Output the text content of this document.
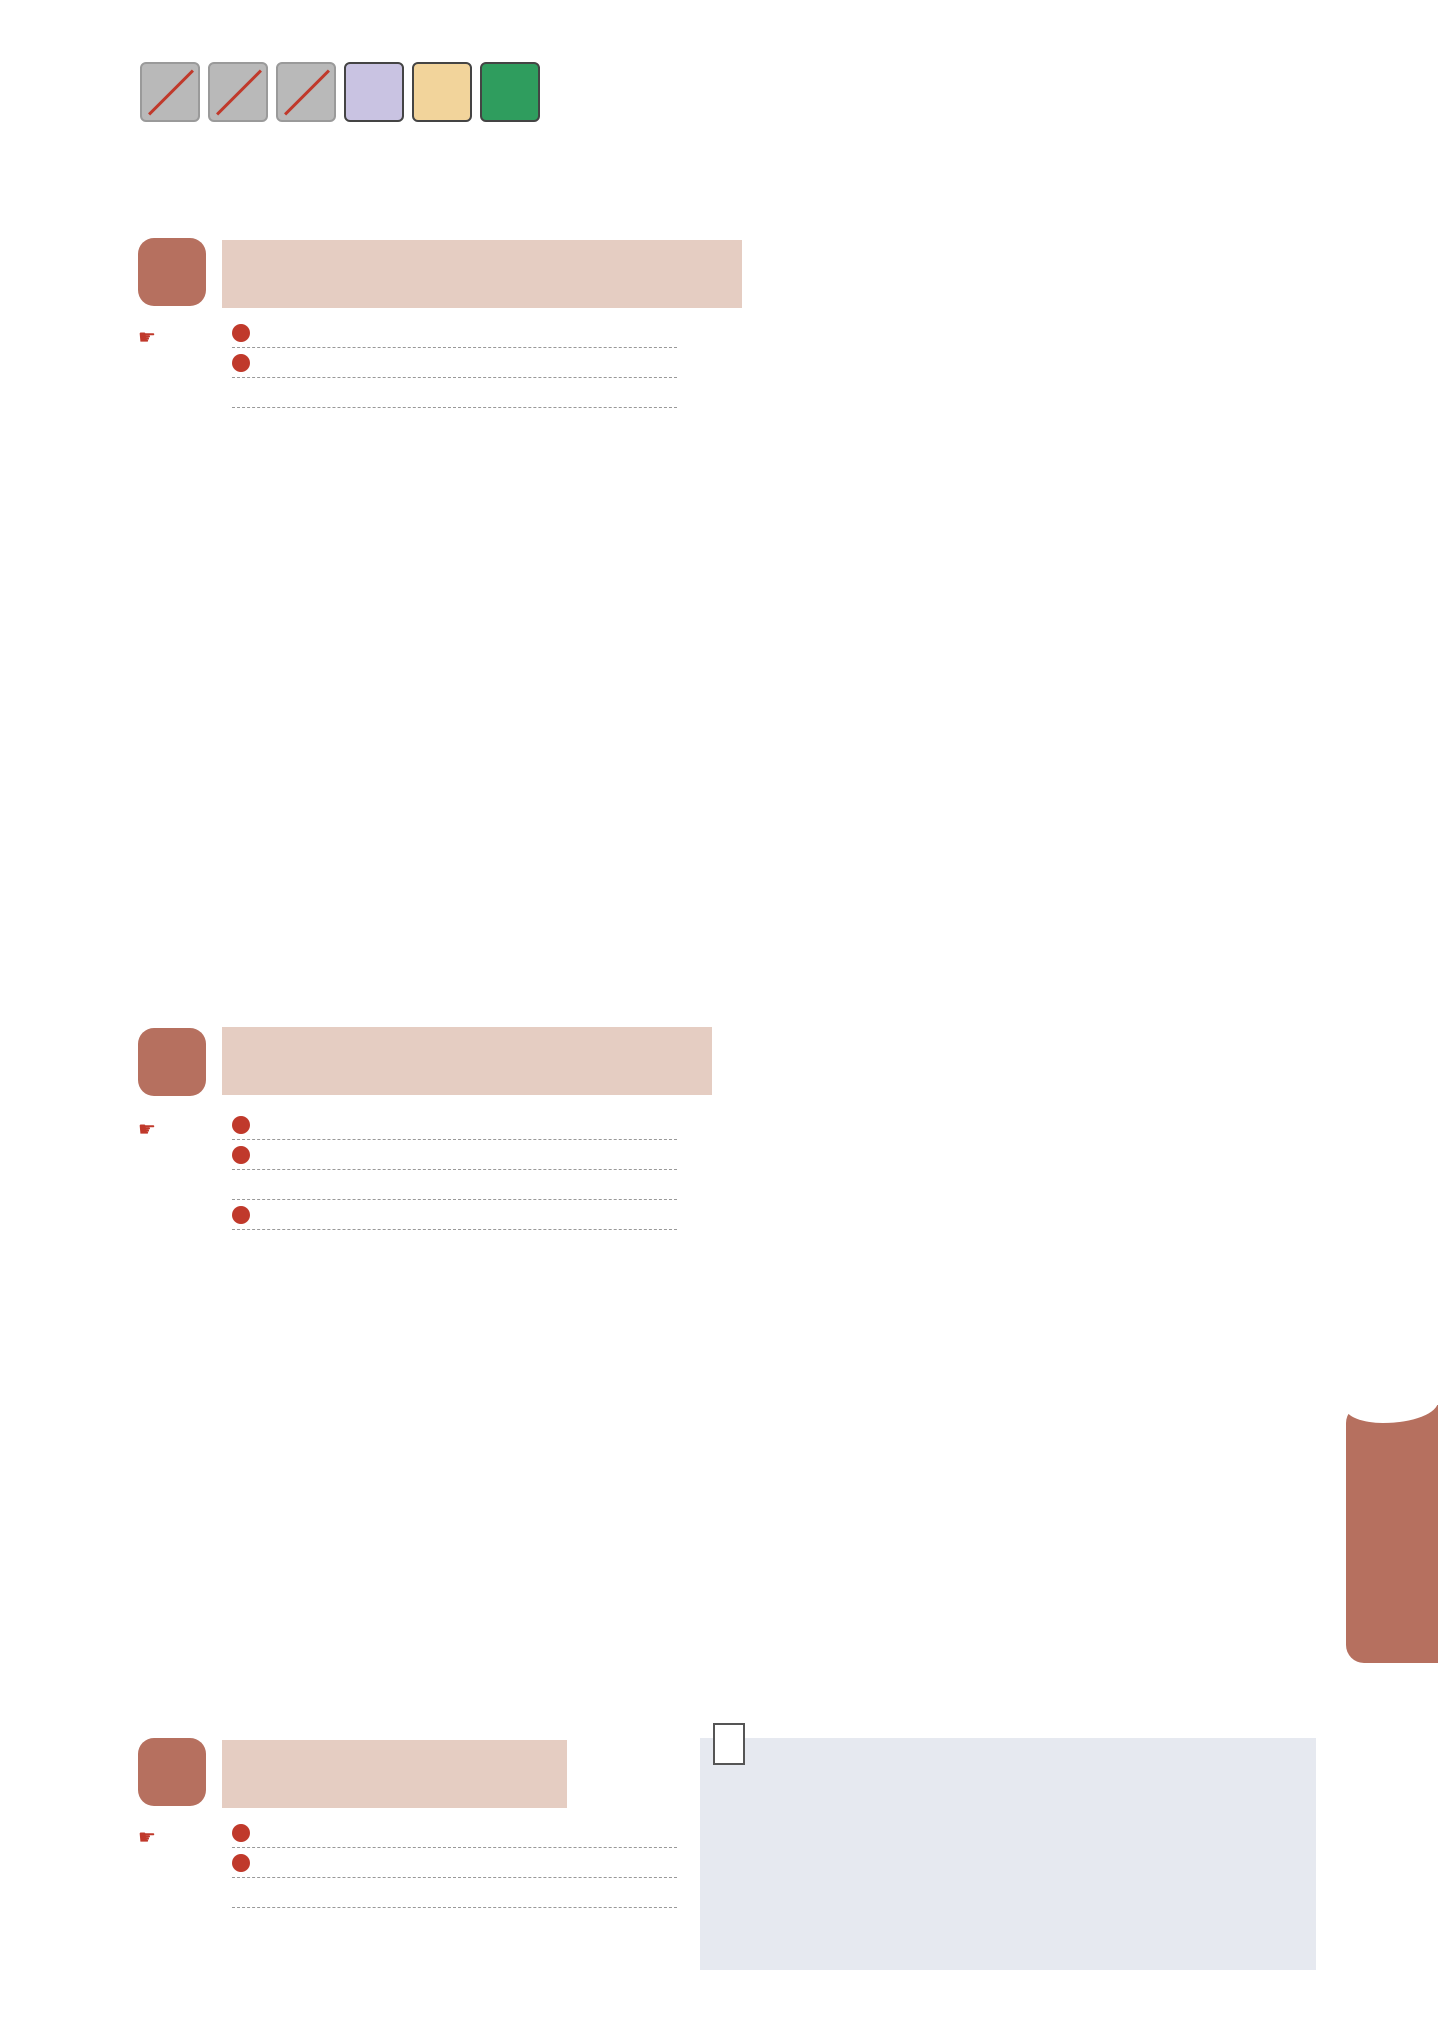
☛
☛
☛
